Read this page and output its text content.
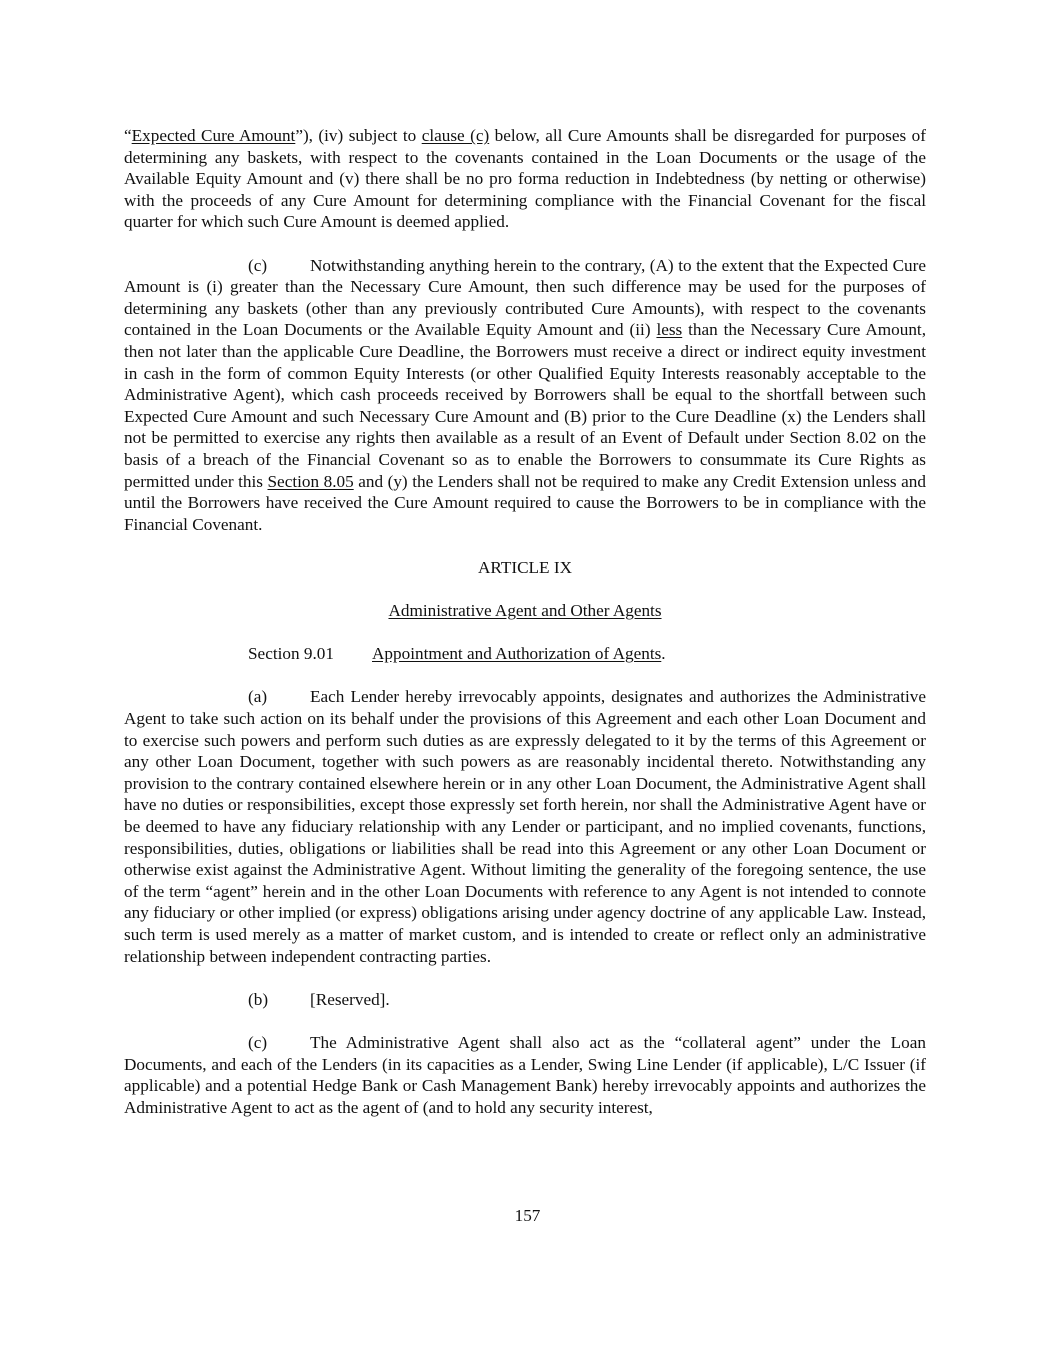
“Expected Cure Amount”), (iv) subject to clause (c) below, all Cure Amounts shall be disregarded for purposes of determining any baskets, with respect to the covenants contained in the Loan Documents or the usage of the Available Equity Amount and (v) there shall be no pro forma reduction in Indebtedness (by netting or otherwise) with the proceeds of any Cure Amount for determining compliance with the Financial Covenant for the fiscal quarter for which such Cure Amount is deemed applied.

(c) Notwithstanding anything herein to the contrary, (A) to the extent that the Expected Cure Amount is (i) greater than the Necessary Cure Amount, then such difference may be used for the purposes of determining any baskets (other than any previously contributed Cure Amounts), with respect to the covenants contained in the Loan Documents or the Available Equity Amount and (ii) less than the Necessary Cure Amount, then not later than the applicable Cure Deadline, the Borrowers must receive a direct or indirect equity investment in cash in the form of common Equity Interests (or other Qualified Equity Interests reasonably acceptable to the Administrative Agent), which cash proceeds received by Borrowers shall be equal to the shortfall between such Expected Cure Amount and such Necessary Cure Amount and (B) prior to the Cure Deadline (x) the Lenders shall not be permitted to exercise any rights then available as a result of an Event of Default under Section 8.02 on the basis of a breach of the Financial Covenant so as to enable the Borrowers to consummate its Cure Rights as permitted under this Section 8.05 and (y) the Lenders shall not be required to make any Credit Extension unless and until the Borrowers have received the Cure Amount required to cause the Borrowers to be in compliance with the Financial Covenant.

ARTICLE IX

Administrative Agent and Other Agents

Section 9.01 Appointment and Authorization of Agents.

(a) Each Lender hereby irrevocably appoints, designates and authorizes the Administrative Agent to take such action on its behalf under the provisions of this Agreement and each other Loan Document and to exercise such powers and perform such duties as are expressly delegated to it by the terms of this Agreement or any other Loan Document, together with such powers as are reasonably incidental thereto. Notwithstanding any provision to the contrary contained elsewhere herein or in any other Loan Document, the Administrative Agent shall have no duties or responsibilities, except those expressly set forth herein, nor shall the Administrative Agent have or be deemed to have any fiduciary relationship with any Lender or participant, and no implied covenants, functions, responsibilities, duties, obligations or liabilities shall be read into this Agreement or any other Loan Document or otherwise exist against the Administrative Agent. Without limiting the generality of the foregoing sentence, the use of the term “agent” herein and in the other Loan Documents with reference to any Agent is not intended to connote any fiduciary or other implied (or express) obligations arising under agency doctrine of any applicable Law. Instead, such term is used merely as a matter of market custom, and is intended to create or reflect only an administrative relationship between independent contracting parties.

(b) [Reserved].

(c) The Administrative Agent shall also act as the “collateral agent” under the Loan Documents, and each of the Lenders (in its capacities as a Lender, Swing Line Lender (if applicable), L/C Issuer (if applicable) and a potential Hedge Bank or Cash Management Bank) hereby irrevocably appoints and authorizes the Administrative Agent to act as the agent of (and to hold any security interest,

157
